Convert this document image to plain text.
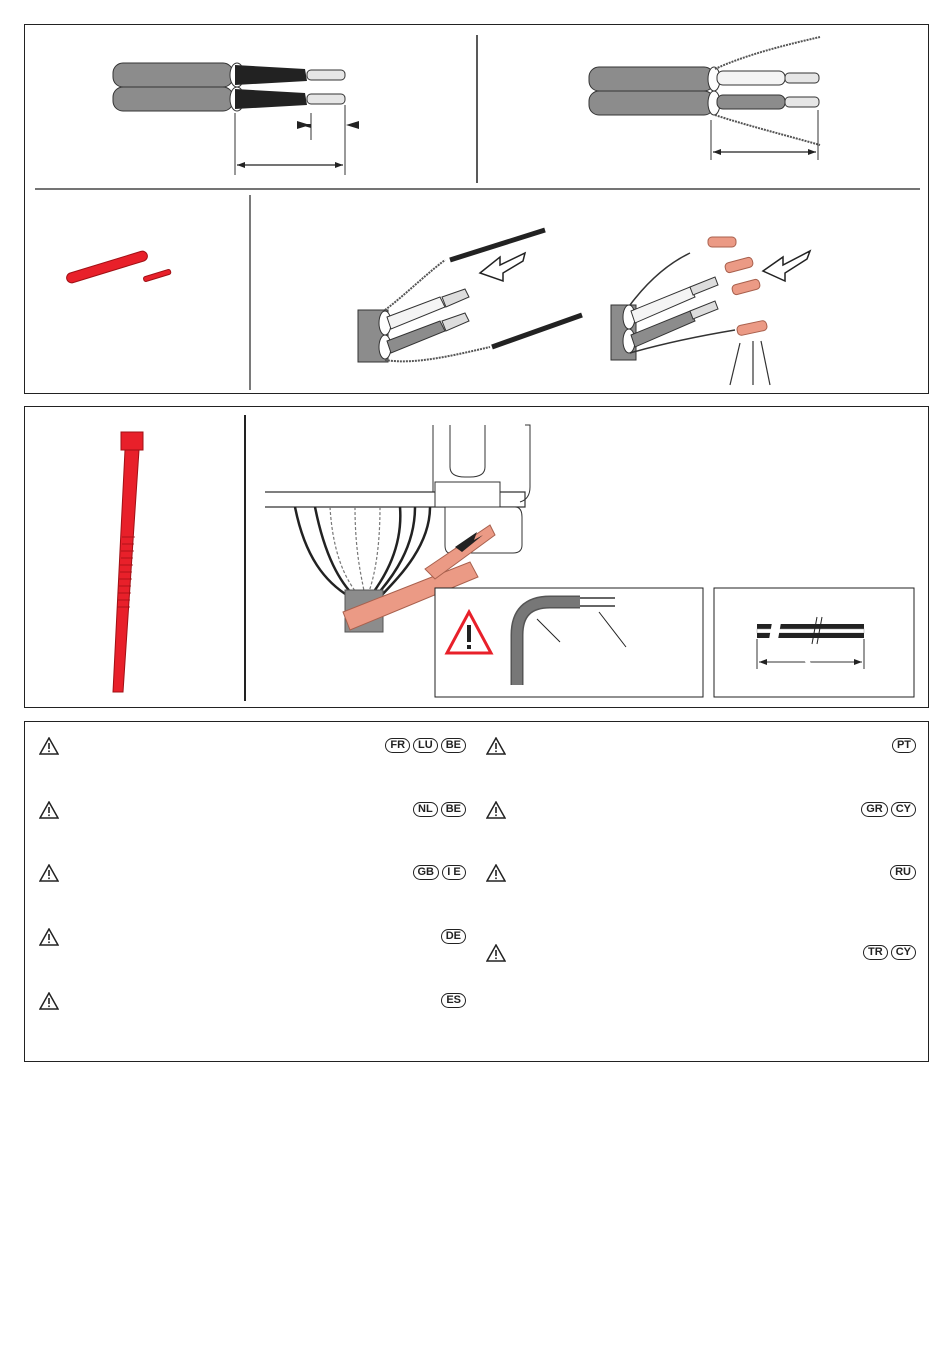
FR	LU	BE
NL	BE
GB	I E
DE
ES
PT
GR	CY
RU
TR	CY
